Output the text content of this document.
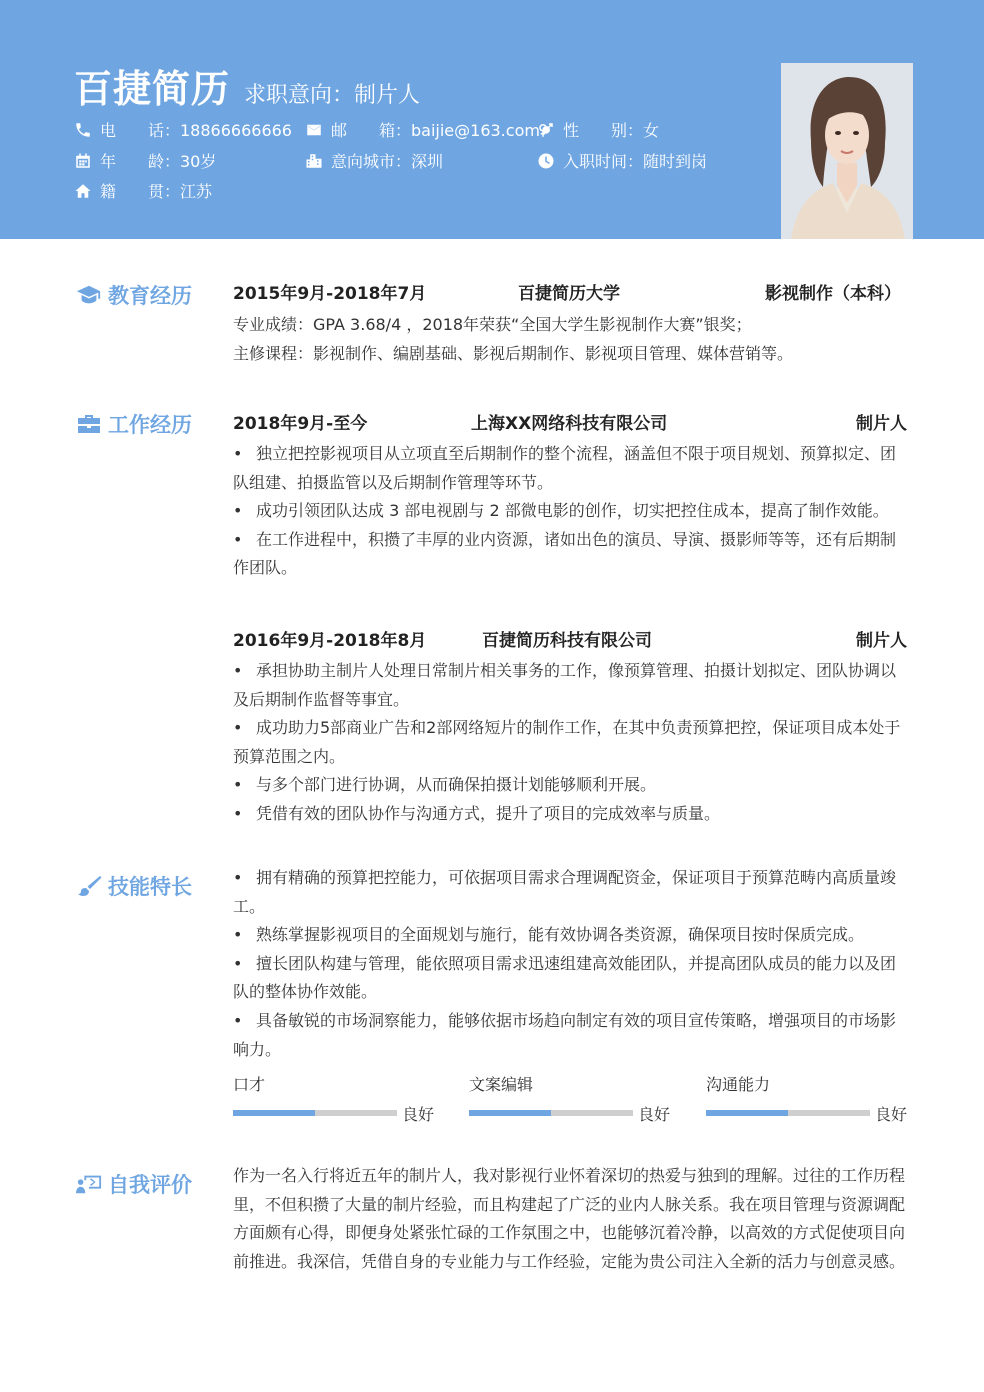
百捷简历 求职意向：制片人
电　　话：18866666666 邮　　箱：baijie@163.com 性　　别：女
年　　龄：30岁	意向城市：深圳	入职时间：随时到岗
籍　　贯：江苏
教育经历 2015年9月-2018年7月	百捷简历大学	影视制作（本科）
专业成绩：GPA 3.68/4 ，2018年荣获“全国大学生影视制作大赛”银奖；
主修课程：影视制作、编剧基础、影视后期制作、影视项目管理、媒体营销等。
工作经历 2018年9月-至今	上海XX网络科技有限公司	制片人
• 独立把控影视项目从立项直至后期制作的整个流程，涵盖但不限于项目规划、预算拟定、团队组建、拍摄监管以及后期制作管理等环节。
• 成功引领团队达成 3 部电视剧与 2 部微电影的创作，切实把控住成本，提高了制作效能。
• 在工作进程中，积攒了丰厚的业内资源，诸如出色的演员、导演、摄影师等等，还有后期制作团队。
2016年9月-2018年8月	百捷简历科技有限公司	制片人
• 承担协助主制片人处理日常制片相关事务的工作，像预算管理、拍摄计划拟定、团队协调以及后期制作监督等事宜。
• 成功助力5部商业广告和2部网络短片的制作工作，在其中负责预算把控，保证项目成本处于预算范围之内。
• 与多个部门进行协调，从而确保拍摄计划能够顺利开展。
• 凭借有效的团队协作与沟通方式，提升了项目的完成效率与质量。
技能特长	• 拥有精确的预算把控能力，可依据项目需求合理调配资金，保证项目于预算范畴内高质量竣工。
• 熟练掌握影视项目的全面规划与施行，能有效协调各类资源，确保项目按时保质完成。
• 擅长团队构建与管理，能依照项目需求迅速组建高效能团队，并提高团队成员的能力以及团队的整体协作效能。
• 具备敏锐的市场洞察能力，能够依据市场趋向制定有效的项目宣传策略，增强项目的市场影响力。
口才
良好
文案编辑
良好
沟通能力
良好
自我评价	作为一名入行将近五年的制片人，我对影视行业怀着深切的热爱与独到的理解。过往的工作历程里，不但积攒了大量的制片经验，而且构建起了广泛的业内人脉关系。我在项目管理与资源调配方面颇有心得，即便身处紧张忙碌的工作氛围之中，也能够沉着冷静，以高效的方式促使项目向前推进。我深信，凭借自身的专业能力与工作经验，定能为贵公司注入全新的活力与创意灵感。
